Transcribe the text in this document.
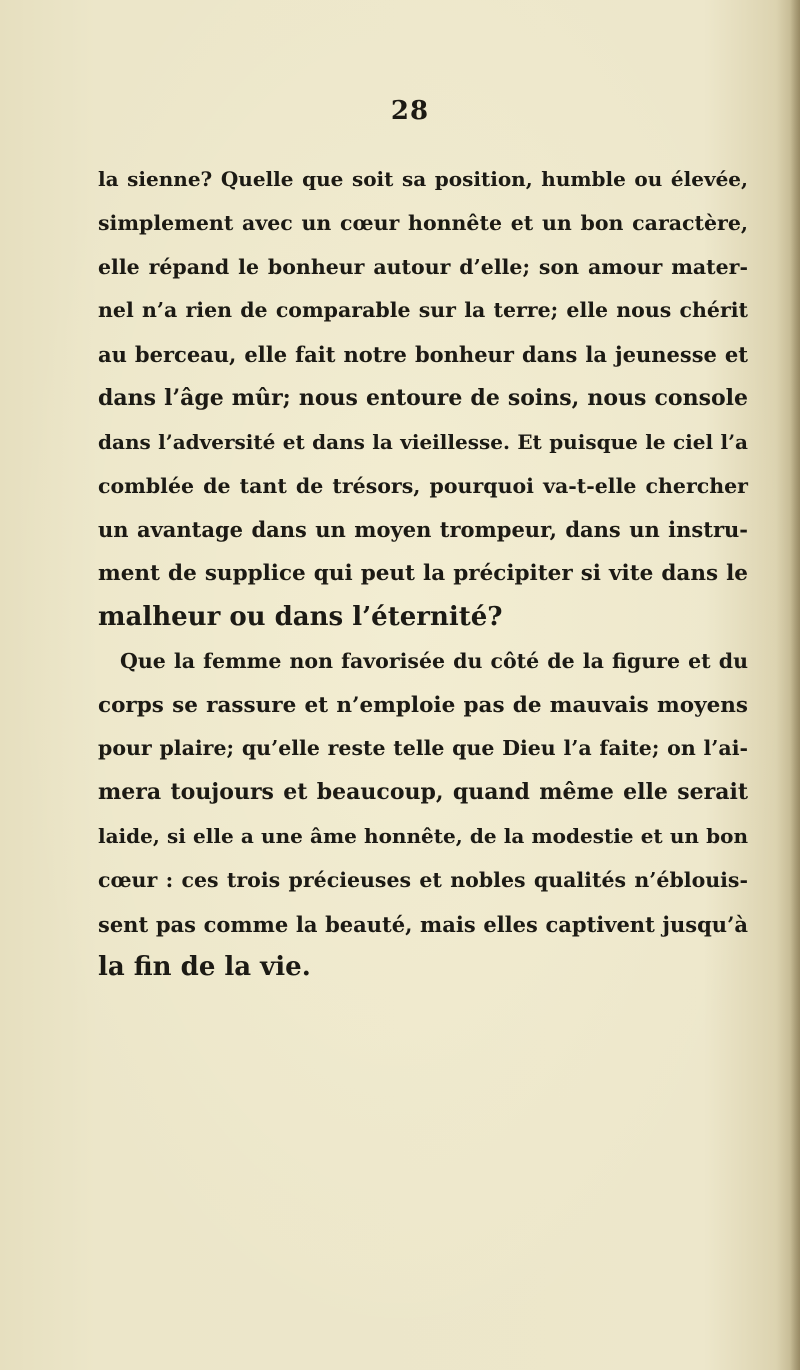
28
la sienne? Quelle que soit sa position, humble ou élevée,
simplement avec un cœur honnête et un bon caractère,
elle répand le bonheur autour d’elle; son amour mater-
nel n’a rien de comparable sur la terre; elle nous chérit
au berceau, elle fait notre bonheur dans la jeunesse et
dans l’âge mûr; nous entoure de soins, nous console
dans l’adversité et dans la vieillesse. Et puisque le ciel l’a
comblée de tant de trésors, pourquoi va-t-elle chercher
un avantage dans un moyen trompeur, dans un instru-
ment de supplice qui peut la précipiter si vite dans le
malheur ou dans l’éternité?
Que la femme non favorisée du côté de la figure et du
corps se rassure et n’emploie pas de mauvais moyens
pour plaire; qu’elle reste telle que Dieu l’a faite; on l’ai-
mera toujours et beaucoup, quand même elle serait
laide, si elle a une âme honnête, de la modestie et un bon
cœur : ces trois précieuses et nobles qualités n’éblouis-
sent pas comme la beauté, mais elles captivent jusqu’à
la fin de la vie.
